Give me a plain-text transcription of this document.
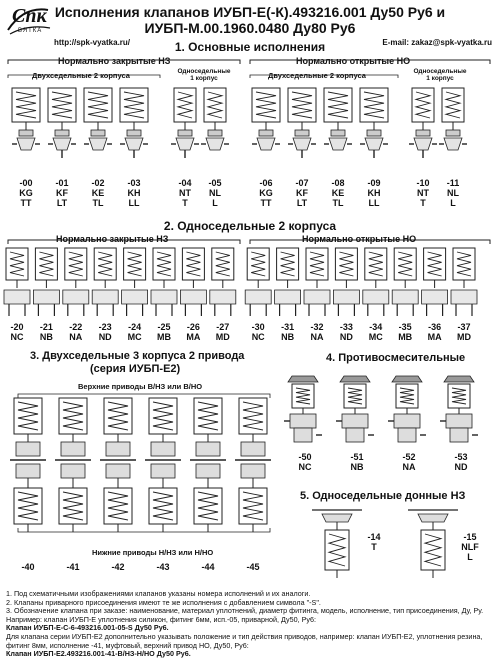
Спк
ВЯТКА
Исполнения клапанов ИУБП-Е(-К).493216.001 Ду50 Ру6 и
ИУБП-М.00.1960.0480 Ду80 Ру6
http://spk-vyatka.ru/	E-mail: zakaz@spk-vyatka.ru
1. Основные исполнения
Нормально закрытые НЗ	Нормально открытые НО
Двухседельные 2 корпуса	Односедельные
1 корпус	Двухседельные 2 корпуса	Односедельные
1 корпус
-00
KG
TT
-01
KF
LT
-02
KE
TL
-03
KH
LL
-04
NT
T
-05
NL
L
-06
KG
TT
-07
KF
LT
-08
KE
TL
-09
KH
LL
-10
NT
T
-11
NL
L
2. Односедельные 2 корпуса
Нормально закрытые НЗ	Нормально открытые НО
-20
NC
-21
NB
-22
NA
-23
ND
-24
MC
-25
MB
-26
MA
-27
MD
-30
NC
-31
NB
-32
NA
-33
ND
-34
MC
-35
MB
-36
MA
-37
MD
3. Двухседельные 3 корпуса 2 привода
(серия ИУБП-Е2)
Верхние приводы В/НЗ или В/НО
Нижние приводы Н/НЗ или Н/НО
-40	-41	-42	-43	-44	-45
4. Противосмесительные
-50
NC
-51
NB
-52
NA
-53
ND
5. Односедельные донные НЗ
-14
T
-15
NLF
L
1. Под схематичными изображениями клапанов указаны номера исполнений и их аналоги.
2. Клапаны приварного присоединения имеют те же исполнения с добавлением символа "-S".
3. Обозначение клапана при заказе: наименование, материал уплотнений, диаметр фитинга, модель, исполнение, тип присоединения, Ду, Ру. Например: клапан ИУБП-Е уплотнения силикон, фитинг 6мм, исп.-05, приварной, Ду50, Ру6:
Клапан ИУБП-Е-С-6-493216.001-05-S Ду50 Ру6.
Для клапана серии ИУБП-Е2 дополнительно указывать положение и тип действия приводов, например: клапан ИУБП-Е2, уплотнения резина, фитинг 8мм, исполнение -41, муфтовый, верхний привод НО, Ду50, Ру6:
Клапан ИУБП-Е2.493216.001-41-В/НЗ-Н/НО Ду50 Ру6.
